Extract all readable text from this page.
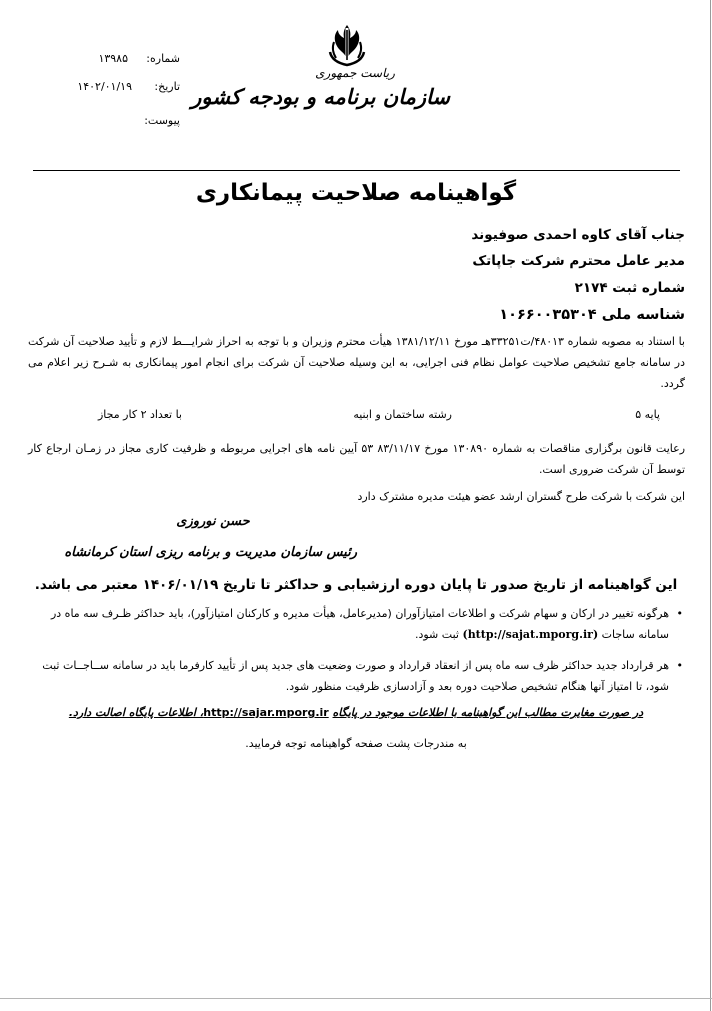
شماره:
۱۳۹۸۵
تاریخ:
۱۴۰۲/۰۱/۱۹
پیوست:
ریاست جمهوری
سازمان برنامه و بودجه کشور
گواهینامه صلاحیت پیمانکاری
جناب آقای کاوه احمدی صوفیوند
مدیر عامل محترم شرکت جاپاتک
شماره ثبت ۲۱۷۴
شناسه ملی ۱۰۶۶۰۰۳۵۳۰۴
با استناد به مصوبه شماره ۴۸۰۱۳/ت۳۳۲۵۱هـ مورخ ۱۳۸۱/۱۲/۱۱ هیأت محترم وزیران و با توجه به احراز شرایـــط لازم و تأیید صلاحیت آن شرکت در سامانه جامع تشخیص صلاحیت عوامل نظام فنی اجرایی، به این وسیله صلاحیت آن شرکت برای انجام امور پیمانکاری به شـرح زیر اعلام می گردد.
پایه ۵
رشته ساختمان و ابنیه
با تعداد ۲ کار مجاز
رعایت قانون برگزاری مناقصات به شماره ۱۳۰۸۹۰ مورخ ۸۳/۱۱/۱۷ ۵۳ آیین نامه های اجرایی مربوطه و ظرفیت کاری مجاز در زمـان ارجاع کار توسط آن شرکت ضروری است.
این شرکت با شرکت طرح گستران ارشد عضو هیئت مدیره مشترک دارد
حسن نوروزی
رئیس سازمان مدیریت و برنامه ریزی استان کرمانشاه
این گواهینامه از تاریخ صدور تا پایان دوره ارزشیابی و حداکثر تا تاریخ ۱۴۰۶/۰۱/۱۹ معتبر می باشد.
•
هرگونه تغییر در ارکان و سهام شرکت و اطلاعات امتیازآوران (مدیرعامل، هیأت مدیره و کارکنان امتیازآور)، باید حداکثر ظـرف سه ماه در سامانه ساجات (http://sajat.mporg.ir) ثبت شود.
•
هر قرارداد جدید حداکثر ظرف سه ماه پس از انعقاد قرارداد و صورت وضعیت های جدید پس از تأیید کارفرما باید در سامانه ســاجــات ثبت شود، تا امتیاز آنها هنگام تشخیص صلاحیت دوره بعد و آزادسازی ظرفیت منظور شود.
در صورت مغایرت مطالب این گواهینامه با اطلاعات موجود در پایگاه http://sajar.mporg.ir، اطلاعات پایگاه اصالت دارد.
به مندرجات پشت صفحه گواهینامه توجه فرمایید.
